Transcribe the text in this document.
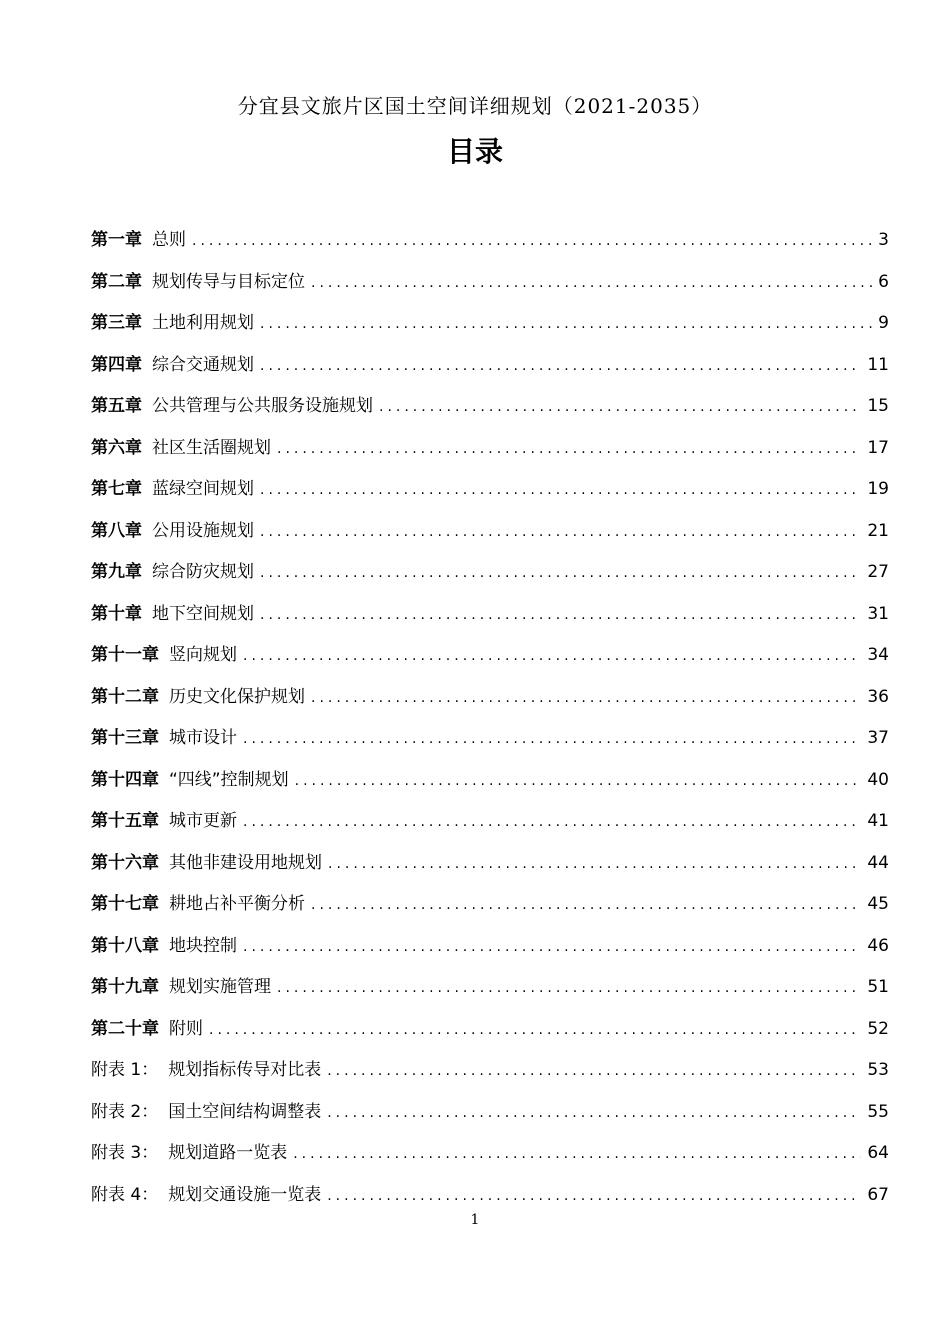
分宜县文旅片区国土空间详细规划（2021-2035）
目录
第一章 总则 .....	3
第二章 规划传导与目标定位 .....	6
第三章 土地利用规划 .....	9
第四章 综合交通规划 .....	11
第五章 公共管理与公共服务设施规划 .....	15
第六章 社区生活圈规划 .....	17
第七章 蓝绿空间规划 .....	19
第八章 公用设施规划 .....	21
第九章 综合防灾规划 .....	27
第十章 地下空间规划 .....	31
第十一章 竖向规划 .....	34
第十二章 历史文化保护规划 .....	36
第十三章 城市设计 .....	37
第十四章 “四线”控制规划 .....	40
第十五章 城市更新 .....	41
第十六章 其他非建设用地规划 .....	44
第十七章 耕地占补平衡分析 .....	45
第十八章 地块控制 .....	46
第十九章 规划实施管理 .....	51
第二十章 附则 .....	52
附表 1： 规划指标传导对比表 .....	53
附表 2： 国土空间结构调整表 .....	55
附表 3： 规划道路一览表 .....	64
附表 4： 规划交通设施一览表 .....	67
1
